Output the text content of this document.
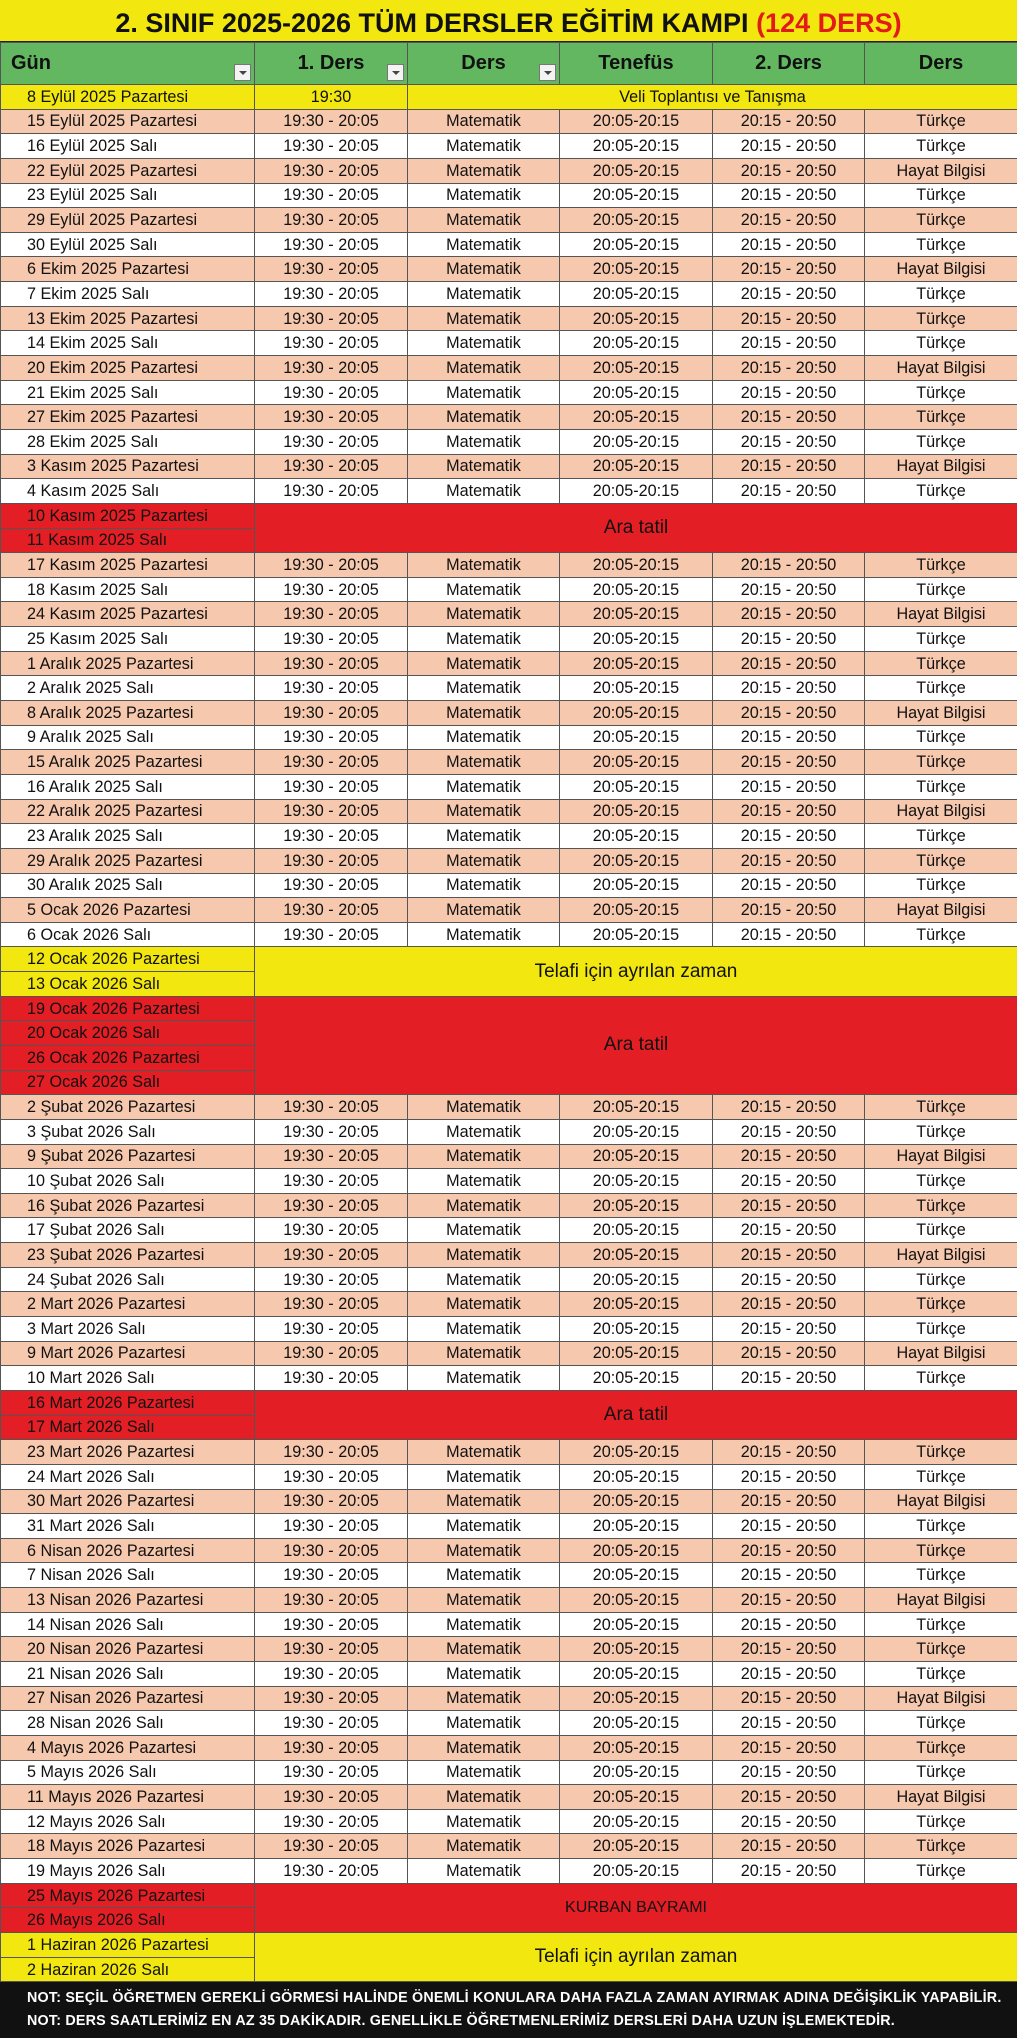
2. SINIF 2025-2026 TÜM DERSLER EĞİTİM KAMPI (124 DERS)
Gün	1. Ders	Ders	Tenefüs	2. Ders	Ders
8 Eylül 2025 Pazartesi	19:30	Veli Toplantısı ve Tanışma			
15 Eylül 2025 Pazartesi	19:30 - 20:05	Matematik	20:05-20:15	20:15 - 20:50	Türkçe
16 Eylül 2025 Salı	19:30 - 20:05	Matematik	20:05-20:15	20:15 - 20:50	Türkçe
22 Eylül 2025 Pazartesi	19:30 - 20:05	Matematik	20:05-20:15	20:15 - 20:50	Hayat Bilgisi
23 Eylül 2025 Salı	19:30 - 20:05	Matematik	20:05-20:15	20:15 - 20:50	Türkçe
29 Eylül 2025 Pazartesi	19:30 - 20:05	Matematik	20:05-20:15	20:15 - 20:50	Türkçe
30 Eylül 2025 Salı	19:30 - 20:05	Matematik	20:05-20:15	20:15 - 20:50	Türkçe
6 Ekim 2025 Pazartesi	19:30 - 20:05	Matematik	20:05-20:15	20:15 - 20:50	Hayat Bilgisi
7 Ekim 2025 Salı	19:30 - 20:05	Matematik	20:05-20:15	20:15 - 20:50	Türkçe
13 Ekim 2025 Pazartesi	19:30 - 20:05	Matematik	20:05-20:15	20:15 - 20:50	Türkçe
14 Ekim 2025 Salı	19:30 - 20:05	Matematik	20:05-20:15	20:15 - 20:50	Türkçe
20 Ekim 2025 Pazartesi	19:30 - 20:05	Matematik	20:05-20:15	20:15 - 20:50	Hayat Bilgisi
21 Ekim 2025 Salı	19:30 - 20:05	Matematik	20:05-20:15	20:15 - 20:50	Türkçe
27 Ekim 2025 Pazartesi	19:30 - 20:05	Matematik	20:05-20:15	20:15 - 20:50	Türkçe
28 Ekim 2025 Salı	19:30 - 20:05	Matematik	20:05-20:15	20:15 - 20:50	Türkçe
3 Kasım 2025 Pazartesi	19:30 - 20:05	Matematik	20:05-20:15	20:15 - 20:50	Hayat Bilgisi
4 Kasım 2025 Salı	19:30 - 20:05	Matematik	20:05-20:15	20:15 - 20:50	Türkçe
10 Kasım 2025 Pazartesi	Ara tatil				
11 Kasım 2025 Salı					
17 Kasım 2025 Pazartesi	19:30 - 20:05	Matematik	20:05-20:15	20:15 - 20:50	Türkçe
18 Kasım 2025 Salı	19:30 - 20:05	Matematik	20:05-20:15	20:15 - 20:50	Türkçe
24 Kasım 2025 Pazartesi	19:30 - 20:05	Matematik	20:05-20:15	20:15 - 20:50	Hayat Bilgisi
25 Kasım 2025 Salı	19:30 - 20:05	Matematik	20:05-20:15	20:15 - 20:50	Türkçe
1 Aralık 2025 Pazartesi	19:30 - 20:05	Matematik	20:05-20:15	20:15 - 20:50	Türkçe
2 Aralık 2025 Salı	19:30 - 20:05	Matematik	20:05-20:15	20:15 - 20:50	Türkçe
8 Aralık 2025 Pazartesi	19:30 - 20:05	Matematik	20:05-20:15	20:15 - 20:50	Hayat Bilgisi
9 Aralık 2025 Salı	19:30 - 20:05	Matematik	20:05-20:15	20:15 - 20:50	Türkçe
15 Aralık 2025 Pazartesi	19:30 - 20:05	Matematik	20:05-20:15	20:15 - 20:50	Türkçe
16 Aralık 2025 Salı	19:30 - 20:05	Matematik	20:05-20:15	20:15 - 20:50	Türkçe
22 Aralık 2025 Pazartesi	19:30 - 20:05	Matematik	20:05-20:15	20:15 - 20:50	Hayat Bilgisi
23 Aralık 2025 Salı	19:30 - 20:05	Matematik	20:05-20:15	20:15 - 20:50	Türkçe
29 Aralık 2025 Pazartesi	19:30 - 20:05	Matematik	20:05-20:15	20:15 - 20:50	Türkçe
30 Aralık 2025 Salı	19:30 - 20:05	Matematik	20:05-20:15	20:15 - 20:50	Türkçe
5 Ocak 2026 Pazartesi	19:30 - 20:05	Matematik	20:05-20:15	20:15 - 20:50	Hayat Bilgisi
6 Ocak 2026 Salı	19:30 - 20:05	Matematik	20:05-20:15	20:15 - 20:50	Türkçe
12 Ocak 2026 Pazartesi	Telafi için ayrılan zaman				
13 Ocak 2026 Salı					
19 Ocak 2026 Pazartesi	Ara tatil				
20 Ocak 2026 Salı					
26 Ocak 2026 Pazartesi					
27 Ocak 2026 Salı					
2 Şubat 2026 Pazartesi	19:30 - 20:05	Matematik	20:05-20:15	20:15 - 20:50	Türkçe
3 Şubat 2026 Salı	19:30 - 20:05	Matematik	20:05-20:15	20:15 - 20:50	Türkçe
9 Şubat 2026 Pazartesi	19:30 - 20:05	Matematik	20:05-20:15	20:15 - 20:50	Hayat Bilgisi
10 Şubat 2026 Salı	19:30 - 20:05	Matematik	20:05-20:15	20:15 - 20:50	Türkçe
16 Şubat 2026 Pazartesi	19:30 - 20:05	Matematik	20:05-20:15	20:15 - 20:50	Türkçe
17 Şubat 2026 Salı	19:30 - 20:05	Matematik	20:05-20:15	20:15 - 20:50	Türkçe
23 Şubat 2026 Pazartesi	19:30 - 20:05	Matematik	20:05-20:15	20:15 - 20:50	Hayat Bilgisi
24 Şubat 2026 Salı	19:30 - 20:05	Matematik	20:05-20:15	20:15 - 20:50	Türkçe
2 Mart 2026 Pazartesi	19:30 - 20:05	Matematik	20:05-20:15	20:15 - 20:50	Türkçe
3 Mart 2026 Salı	19:30 - 20:05	Matematik	20:05-20:15	20:15 - 20:50	Türkçe
9 Mart 2026 Pazartesi	19:30 - 20:05	Matematik	20:05-20:15	20:15 - 20:50	Hayat Bilgisi
10 Mart 2026 Salı	19:30 - 20:05	Matematik	20:05-20:15	20:15 - 20:50	Türkçe
16 Mart 2026 Pazartesi	Ara tatil				
17 Mart 2026 Salı					
23 Mart 2026 Pazartesi	19:30 - 20:05	Matematik	20:05-20:15	20:15 - 20:50	Türkçe
24 Mart 2026 Salı	19:30 - 20:05	Matematik	20:05-20:15	20:15 - 20:50	Türkçe
30 Mart 2026 Pazartesi	19:30 - 20:05	Matematik	20:05-20:15	20:15 - 20:50	Hayat Bilgisi
31 Mart 2026 Salı	19:30 - 20:05	Matematik	20:05-20:15	20:15 - 20:50	Türkçe
6 Nisan 2026 Pazartesi	19:30 - 20:05	Matematik	20:05-20:15	20:15 - 20:50	Türkçe
7 Nisan 2026 Salı	19:30 - 20:05	Matematik	20:05-20:15	20:15 - 20:50	Türkçe
13 Nisan 2026 Pazartesi	19:30 - 20:05	Matematik	20:05-20:15	20:15 - 20:50	Hayat Bilgisi
14 Nisan 2026 Salı	19:30 - 20:05	Matematik	20:05-20:15	20:15 - 20:50	Türkçe
20 Nisan 2026 Pazartesi	19:30 - 20:05	Matematik	20:05-20:15	20:15 - 20:50	Türkçe
21 Nisan 2026 Salı	19:30 - 20:05	Matematik	20:05-20:15	20:15 - 20:50	Türkçe
27 Nisan 2026 Pazartesi	19:30 - 20:05	Matematik	20:05-20:15	20:15 - 20:50	Hayat Bilgisi
28 Nisan 2026 Salı	19:30 - 20:05	Matematik	20:05-20:15	20:15 - 20:50	Türkçe
4 Mayıs 2026 Pazartesi	19:30 - 20:05	Matematik	20:05-20:15	20:15 - 20:50	Türkçe
5 Mayıs 2026 Salı	19:30 - 20:05	Matematik	20:05-20:15	20:15 - 20:50	Türkçe
11 Mayıs 2026 Pazartesi	19:30 - 20:05	Matematik	20:05-20:15	20:15 - 20:50	Hayat Bilgisi
12 Mayıs 2026 Salı	19:30 - 20:05	Matematik	20:05-20:15	20:15 - 20:50	Türkçe
18 Mayıs 2026 Pazartesi	19:30 - 20:05	Matematik	20:05-20:15	20:15 - 20:50	Türkçe
19 Mayıs 2026 Salı	19:30 - 20:05	Matematik	20:05-20:15	20:15 - 20:50	Türkçe
25 Mayıs 2026 Pazartesi	KURBAN BAYRAMI				
26 Mayıs 2026 Salı					
1 Haziran 2026 Pazartesi	Telafi için ayrılan zaman				
2 Haziran 2026 Salı					
NOT: SEÇİL ÖĞRETMEN GEREKLİ GÖRMESİ HALİNDE ÖNEMLİ KONULARA DAHA FAZLA ZAMAN AYIRMAK ADINA DEĞİŞİKLİK YAPABİLİR.
NOT: DERS SAATLERİMİZ EN AZ 35 DAKİKADIR. GENELLİKLE ÖĞRETMENLERİMİZ DERSLERİ DAHA UZUN İŞLEMEKTEDİR.
